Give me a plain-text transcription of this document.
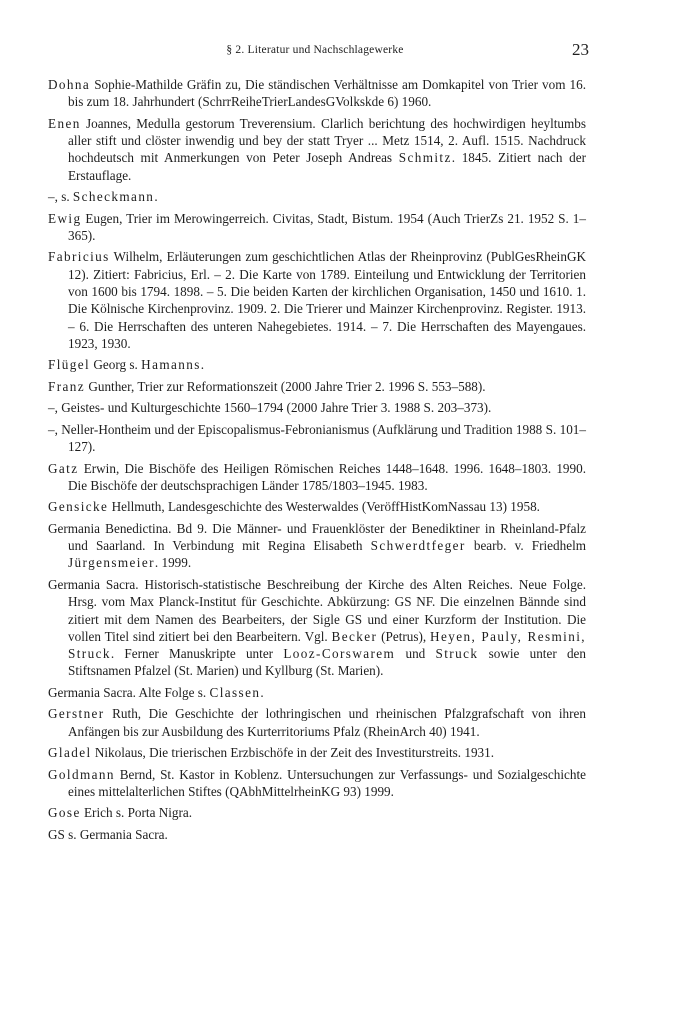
§ 2. Literatur und Nachschlagewerke	23

Dohna Sophie-Mathilde Gräfin zu, Die ständischen Verhältnisse am Domkapitel von Trier vom 16. bis zum 18. Jahrhundert (SchrrReiheTrierLandesGVolkskde 6) 1960.

Enen Joannes, Medulla gestorum Treverensium. Clarlich berichtung des hochwirdigen heyltumbs aller stift und clöster inwendig und bey der statt Tryer ... Metz 1514, 2. Aufl. 1515. Nachdruck hochdeutsch mit Anmerkungen von Peter Joseph Andreas Schmitz. 1845. Zitiert nach der Erstauflage.

–, s. Scheckmann.

Ewig Eugen, Trier im Merowingerreich. Civitas, Stadt, Bistum. 1954 (Auch TrierZs 21. 1952 S. 1–365).

Fabricius Wilhelm, Erläuterungen zum geschichtlichen Atlas der Rheinprovinz (PublGesRheinGK 12). Zitiert: Fabricius, Erl. – 2. Die Karte von 1789. Einteilung und Entwicklung der Territorien von 1600 bis 1794. 1898. – 5. Die beiden Karten der kirchlichen Organisation, 1450 und 1610. 1. Die Kölnische Kirchenprovinz. 1909. 2. Die Trierer und Mainzer Kirchenprovinz. Register. 1913. – 6. Die Herrschaften des unteren Nahegebietes. 1914. – 7. Die Herrschaften des Mayengaues. 1923, 1930.

Flügel Georg s. Hamanns.

Franz Gunther, Trier zur Reformationszeit (2000 Jahre Trier 2. 1996 S. 553–588).

–, Geistes- und Kulturgeschichte 1560–1794 (2000 Jahre Trier 3. 1988 S. 203–373).

–, Neller-Hontheim und der Episcopalismus-Febronianismus (Aufklärung und Tradition 1988 S. 101–127).

Gatz Erwin, Die Bischöfe des Heiligen Römischen Reiches 1448–1648. 1996. 1648–1803. 1990. Die Bischöfe der deutschsprachigen Länder 1785/1803–1945. 1983.

Gensicke Hellmuth, Landesgeschichte des Westerwaldes (VeröffHistKomNassau 13) 1958.

Germania Benedictina. Bd 9. Die Männer- und Frauenklöster der Benediktiner in Rheinland-Pfalz und Saarland. In Verbindung mit Regina Elisabeth Schwerdtfeger bearb. v. Friedhelm Jürgensmeier. 1999.

Germania Sacra. Historisch-statistische Beschreibung der Kirche des Alten Reiches. Neue Folge. Hrsg. vom Max Planck-Institut für Geschichte. Abkürzung: GS NF. Die einzelnen Bännde sind zitiert mit dem Namen des Bearbeiters, der Sigle GS und einer Kurzform der Institution. Die vollen Titel sind zitiert bei den Bearbeitern. Vgl. Becker (Petrus), Heyen, Pauly, Resmini, Struck. Ferner Manuskripte unter Looz-Corswarem und Struck sowie unter den Stiftsnamen Pfalzel (St. Marien) und Kyllburg (St. Marien).

Germania Sacra. Alte Folge s. Classen.

Gerstner Ruth, Die Geschichte der lothringischen und rheinischen Pfalzgrafschaft von ihren Anfängen bis zur Ausbildung des Kurterritoriums Pfalz (RheinArch 40) 1941.

Gladel Nikolaus, Die trierischen Erzbischöfe in der Zeit des Investiturstreits. 1931.

Goldmann Bernd, St. Kastor in Koblenz. Untersuchungen zur Verfassungs- und Sozialgeschichte eines mittelalterlichen Stiftes (QAbhMittelrheinKG 93) 1999.

Gose Erich s. Porta Nigra.

GS s. Germania Sacra.
